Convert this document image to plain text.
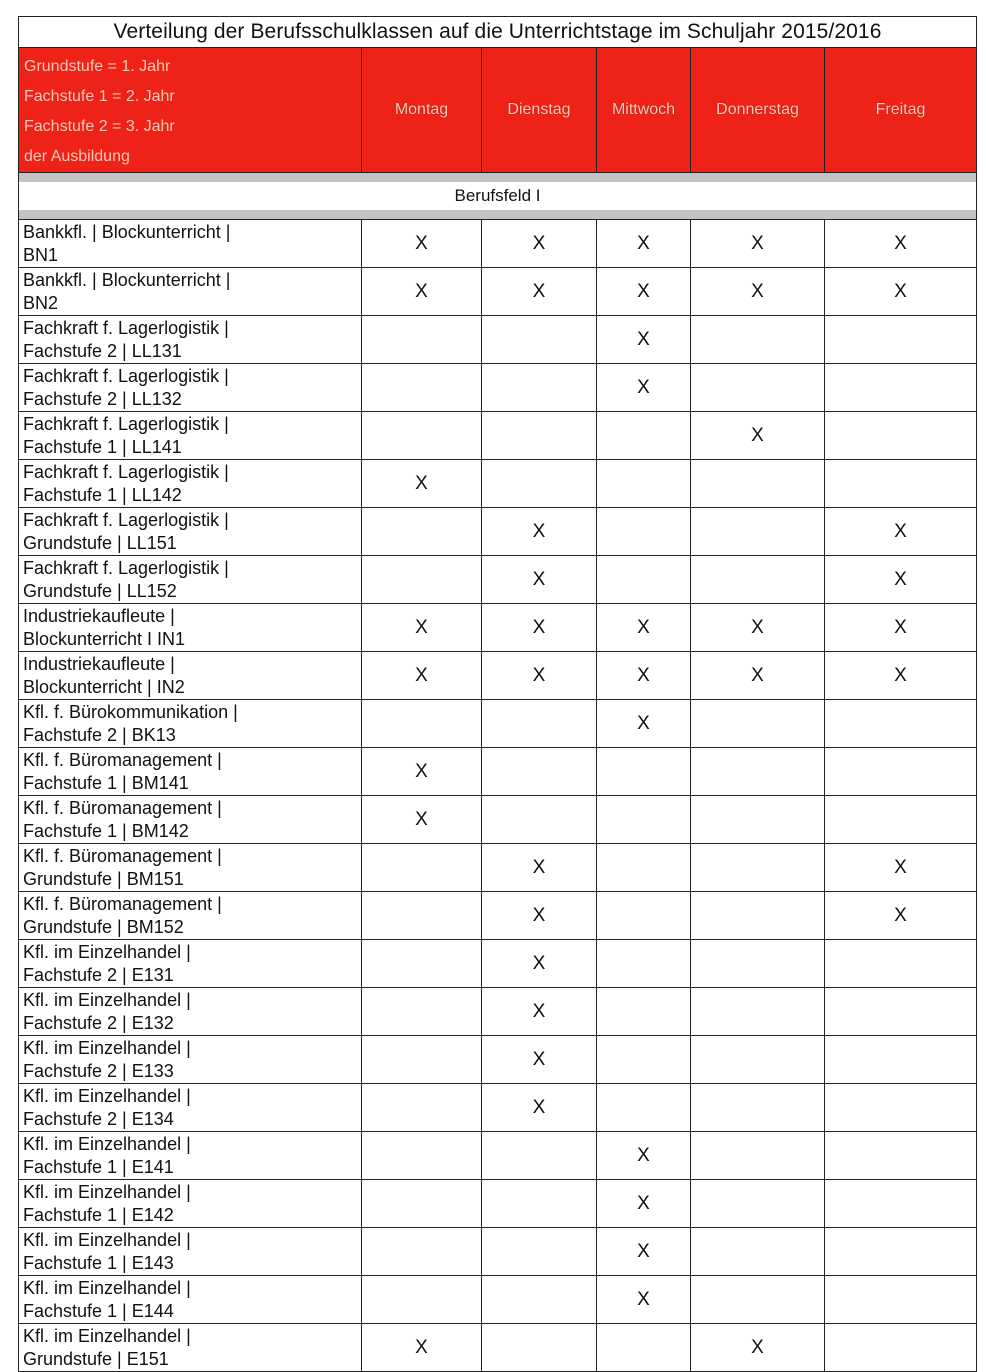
Verteilung der Berufsschulklassen auf die Unterrichtstage im Schuljahr 2015/2016					

Grundstufe = 1. Jahr
Fachstufe 1 = 2. Jahr
Fachstufe 2 = 3. Jahr
der Ausbildung	Montag	Dienstag	Mittwoch	Donnerstag	Freitag

Berufsfeld I					

Bankkfl. | Blockunterricht |
BN1	X	X	X	X	X

Bankkfl. | Blockunterricht |
BN2	X	X	X	X	X

Fachkraft f. Lagerlogistik |
Fachstufe 2 | LL131			X		

Fachkraft f. Lagerlogistik |
Fachstufe 2 | LL132			X		

Fachkraft f. Lagerlogistik |
Fachstufe 1 | LL141				X	

Fachkraft f. Lagerlogistik |
Fachstufe 1 | LL142	X				

Fachkraft f. Lagerlogistik |
Grundstufe | LL151		X			X

Fachkraft f. Lagerlogistik |
Grundstufe | LL152		X			X

Industriekaufleute |
Blockunterricht I IN1	X	X	X	X	X

Industriekaufleute |
Blockunterricht | IN2	X	X	X	X	X

Kfl. f. Bürokommunikation |
Fachstufe 2 | BK13			X		

Kfl. f. Büromanagement |
Fachstufe 1 | BM141	X				

Kfl. f. Büromanagement |
Fachstufe 1 | BM142	X				

Kfl. f. Büromanagement |
Grundstufe | BM151		X			X

Kfl. f. Büromanagement |
Grundstufe | BM152		X			X

Kfl. im Einzelhandel |
Fachstufe 2 | E131		X			

Kfl. im Einzelhandel |
Fachstufe 2 | E132		X			

Kfl. im Einzelhandel |
Fachstufe 2 | E133		X			

Kfl. im Einzelhandel |
Fachstufe 2 | E134		X			

Kfl. im Einzelhandel |
Fachstufe 1 | E141			X		

Kfl. im Einzelhandel |
Fachstufe 1 | E142			X		

Kfl. im Einzelhandel |
Fachstufe 1 | E143			X		

Kfl. im Einzelhandel |
Fachstufe 1 | E144			X		

Kfl. im Einzelhandel |
Grundstufe | E151	X			X	
